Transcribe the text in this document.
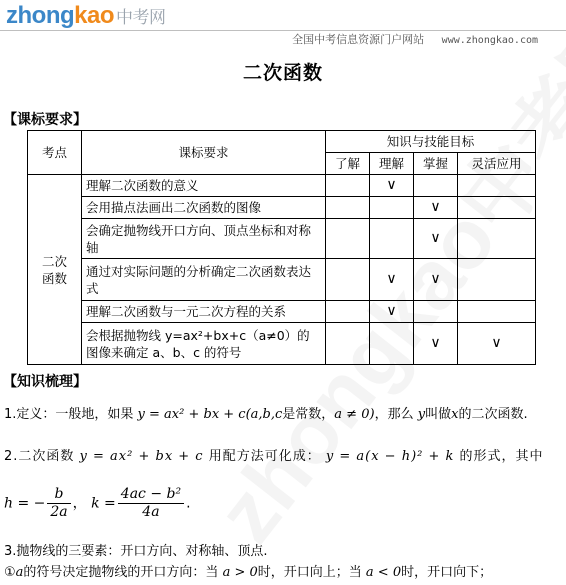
zhongkao 中考网
全国中考信息资源门户网站 www.zhongkao.com
二次函数
【课标要求】
考点	课标要求	知识与技能目标			
		了解	理解	掌握	灵活应用
二次
函数	理解二次函数的意义		∨		
	会用描点法画出二次函数的图像			∨	
	会确定抛物线开口方向、顶点坐标和对称轴			∨	
	通过对实际问题的分析确定二次函数表达式		∨	∨	
	理解二次函数与一元二次方程的关系		∨		
	会根据抛物线 y=ax²+bx+c（a≠0）的图像来确定 a、b、c 的符号			∨	∨
【知识梳理】
1.定义：一般地，如果 y = ax² + bx + c(a,b,c是常数，a ≠ 0)，那么 y叫做x的二次函数.
2.二次函数 y = ax² + bx + c 用配方法可化成： y = a(x − h)² + k 的形式，其中
h = − $\frac{b}{2a}$ ， $k = \frac{\text{4ac − b²}}{4a}$ .
3.抛物线的三要素：开口方向、对称轴、顶点.
①a的符号决定抛物线的开口方向：当 a > 0时，开口向上；当 a < 0时，开口向下；
